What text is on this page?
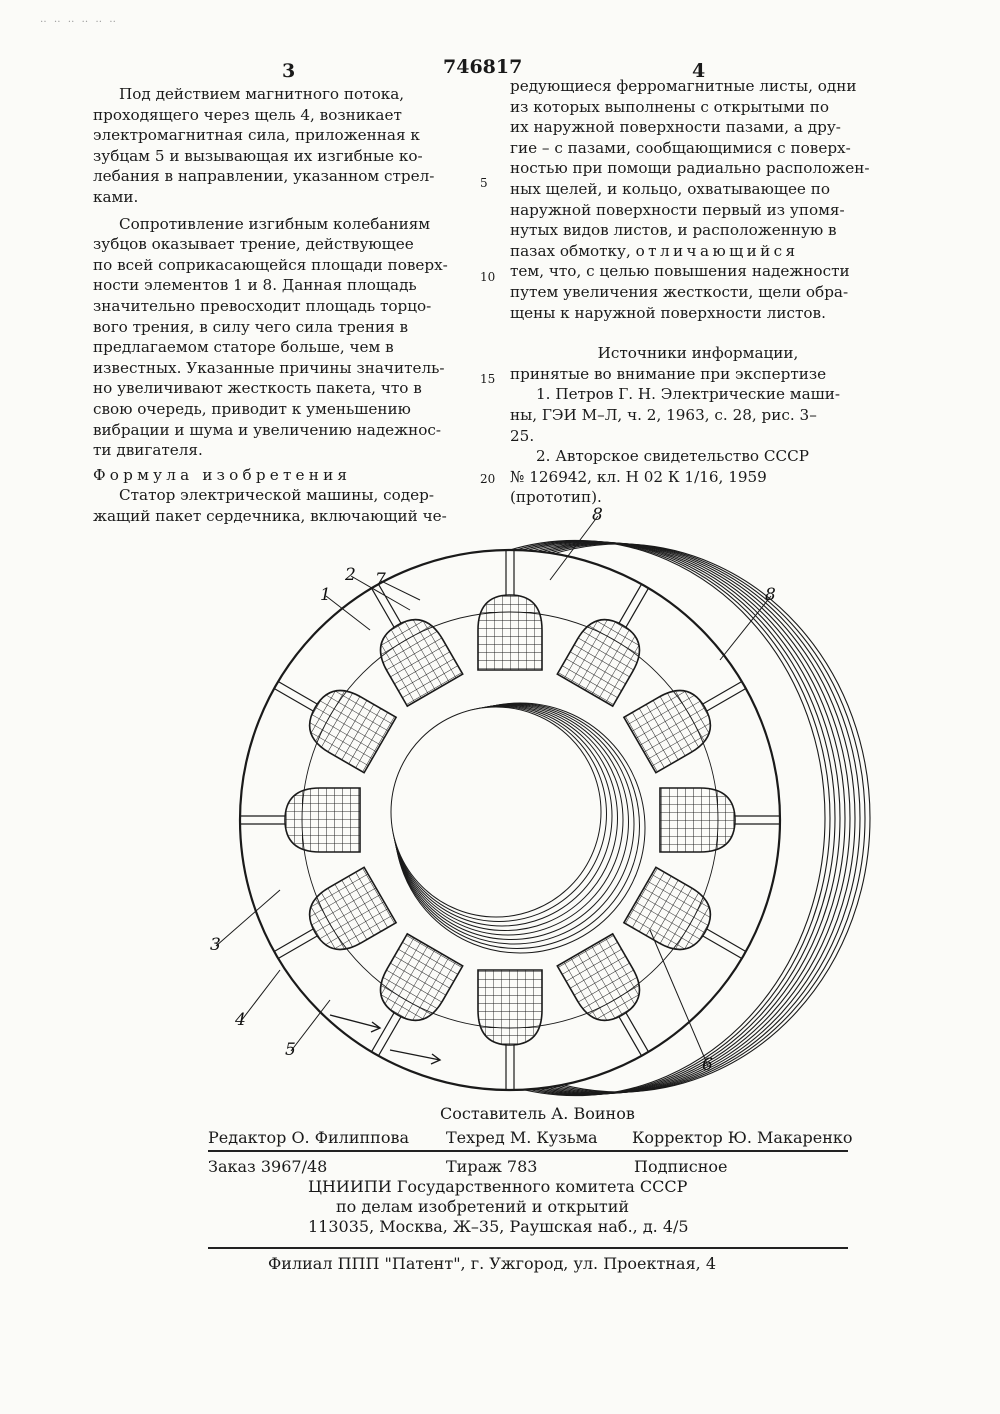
‥ ‥ ‥ ‥ ‥ ‥
3	746817	4

Под действием магнитного потока,
проходящего через щель 4, возникает
электромагнитная сила, приложенная к
зубцам 5 и вызывающая их изгибные ко-
лебания в направлении, указанном стрел-
ками.

Сопротивление изгибным колебаниям
зубцов оказывает трение, действующее
по всей соприкасающейся площади поверх-
ности элементов 1 и 8. Данная площадь
значительно превосходит площадь торцо-
вого трения, в силу чего сила трения в
предлагаемом статоре больше, чем в
известных. Указанные причины значитель-
но увеличивают жесткость пакета, что в
свою очередь, приводит к уменьшению
вибрации и шума и увеличению надежнос-
ти двигателя.

Формула изобретения

Статор электрической машины, содер-
жащий пакет сердечника, включающий че-

5
10
15
20

редующиеся ферромагнитные листы, одни
из которых выполнены с открытыми по
их наружной поверхности пазами, а дру-
гие – с пазами, сообщающимися с поверх-
ностью при помощи радиально расположен-
ных щелей, и кольцо, охватывающее по
наружной поверхности первый из упомя-
нутых видов листов, и расположенную в
пазах обмотку, отличающийся
тем, что, с целью повышения надежности
путем увеличения жесткости, щели обра-
щены к наружной поверхности листов.

Источники информации,

принятые во внимание при экспертизе

1. Петров Г. Н. Электрические маши-
ны, ГЭИ М–Л, ч. 2, 1963, с. 28, рис. 3–
25.

2. Авторское свидетельство СССР
№ 126942, кл. Н 02 К 1/16, 1959
(прототип).

1
2 7
8
8
3
4
5
6
Составитель А. Воинов
Редактор О. Филиппова Техред М. Кузьма Корректор Ю. Макаренко
Заказ 3967/48	Тираж 783	Подписное
ЦНИИПИ Государственного комитета СССР
по делам изобретений и открытий
113035, Москва, Ж–35, Раушская наб., д. 4/5
Филиал ППП "Патент", г. Ужгород, ул. Проектная, 4
